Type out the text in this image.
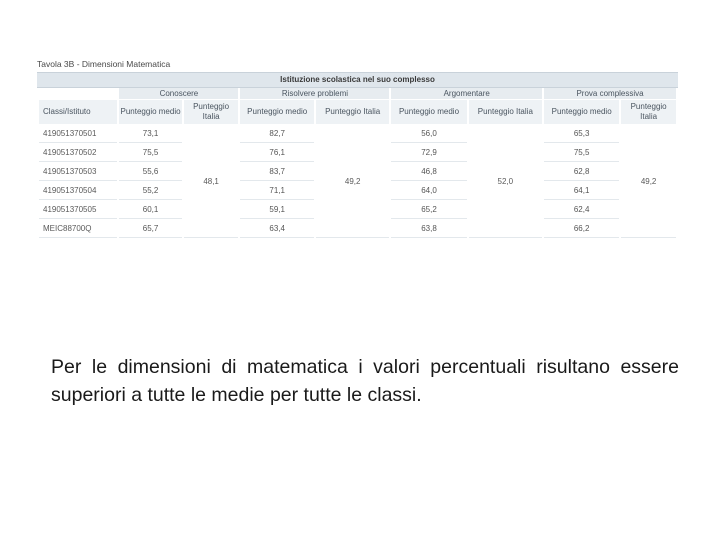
Tavola 3B - Dimensioni Matematica
Istituzione scolastica nel suo complesso
	Conoscere		Risolvere problemi		Argomentare		Prova complessiva	
Classi/Istituto	Punteggio medio	Punteggio Italia	Punteggio medio	Punteggio Italia	Punteggio medio	Punteggio Italia	Punteggio medio	Punteggio Italia
419051370501	73,1	48,1	82,7	49,2	56,0	52,0	65,3	49,2
419051370502	75,5		76,1		72,9		75,5	
419051370503	55,6		83,7		46,8		62,8	
419051370504	55,2		71,1		64,0		64,1	
419051370505	60,1		59,1		65,2		62,4	
MEIC88700Q	65,7		63,4		63,8		66,2	

Per le dimensioni di matematica i valori percentuali risultano essere superiori a tutte le medie per tutte le classi.
